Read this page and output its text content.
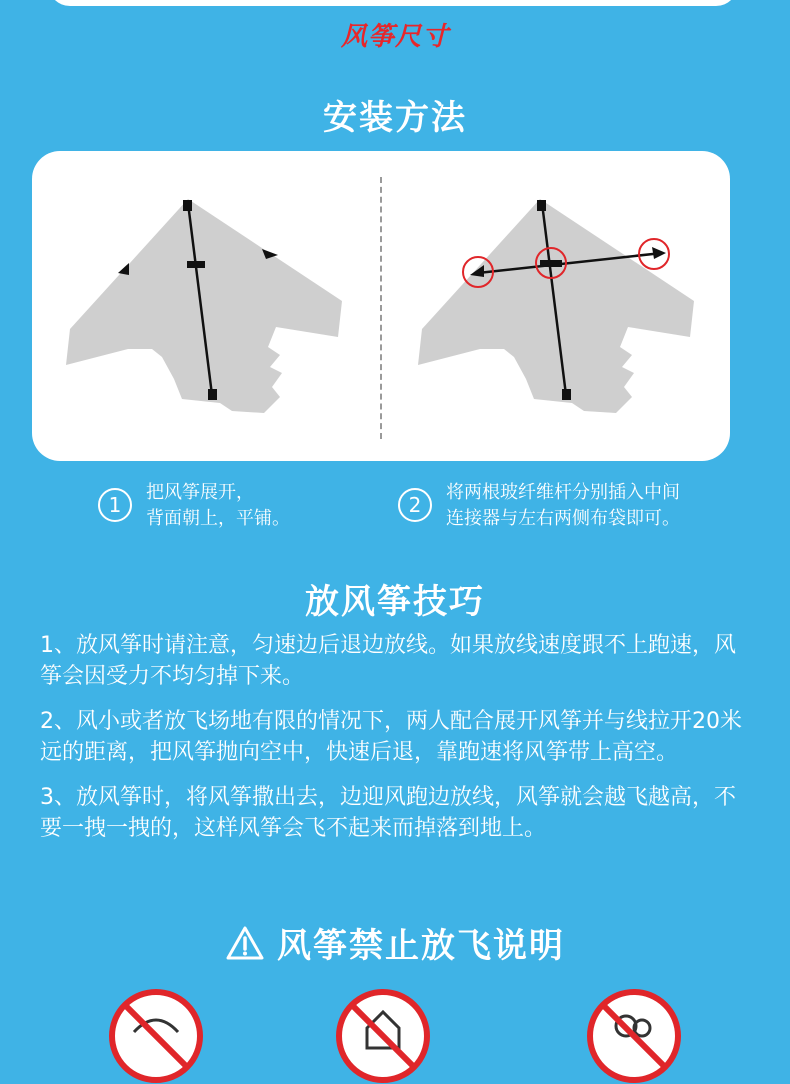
风筝尺寸
安装方法
1
把风筝展开，
背面朝上，平铺。
2
将两根玻纤维杆分别插入中间
连接器与左右两侧布袋即可。
放风筝技巧

1、放风筝时请注意，匀速边后退边放线。如果放线速度跟不上跑速，风筝会因受力不均匀掉下来。

2、风小或者放飞场地有限的情况下，两人配合展开风筝并与线拉开20米远的距离，把风筝抛向空中，快速后退，靠跑速将风筝带上高空。

3、放风筝时，将风筝撒出去，边迎风跑边放线，风筝就会越飞越高，不要一拽一拽的，这样风筝会飞不起来而掉落到地上。

风筝禁止放飞说明
